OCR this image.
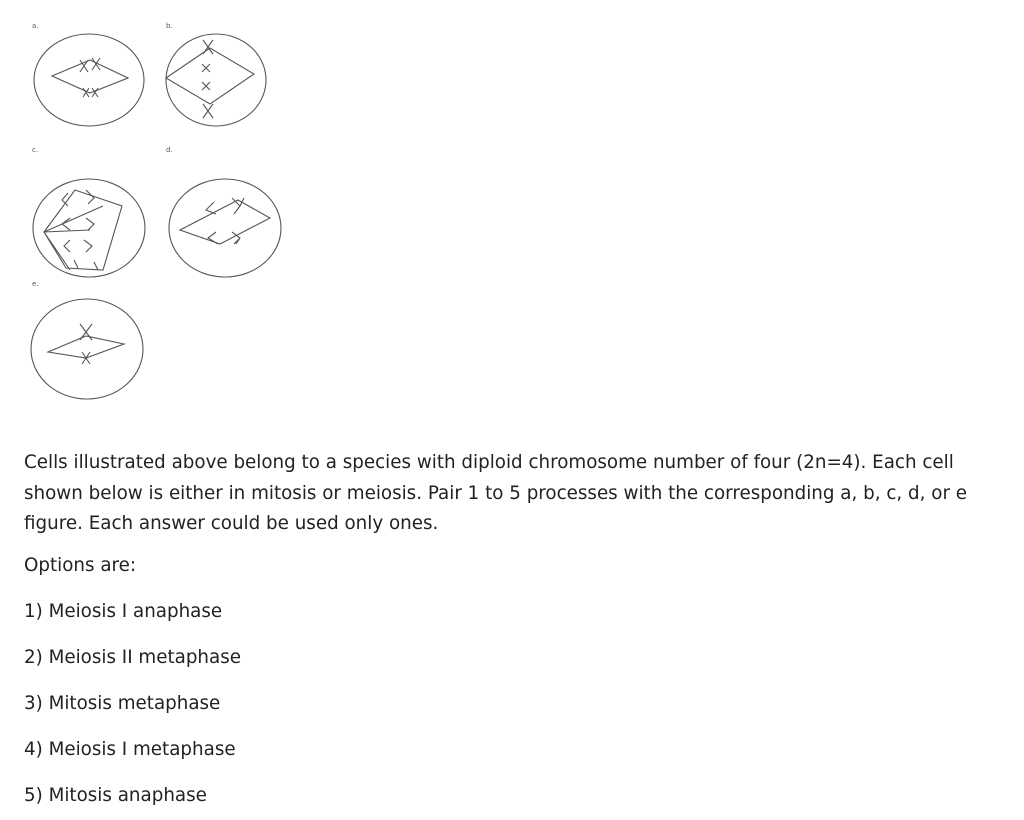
a.	b.
c.	d.
e.

Cells illustrated above belong to a species with diploid chromosome number of four (2n=4). Each cell shown below is either in mitosis or meiosis. Pair 1 to 5 processes with the corresponding a, b, c, d, or e figure. Each answer could be used only ones.

Options are:
1) Meiosis I anaphase
2) Meiosis II metaphase
3) Mitosis metaphase
4) Meiosis I metaphase
5) Mitosis anaphase
